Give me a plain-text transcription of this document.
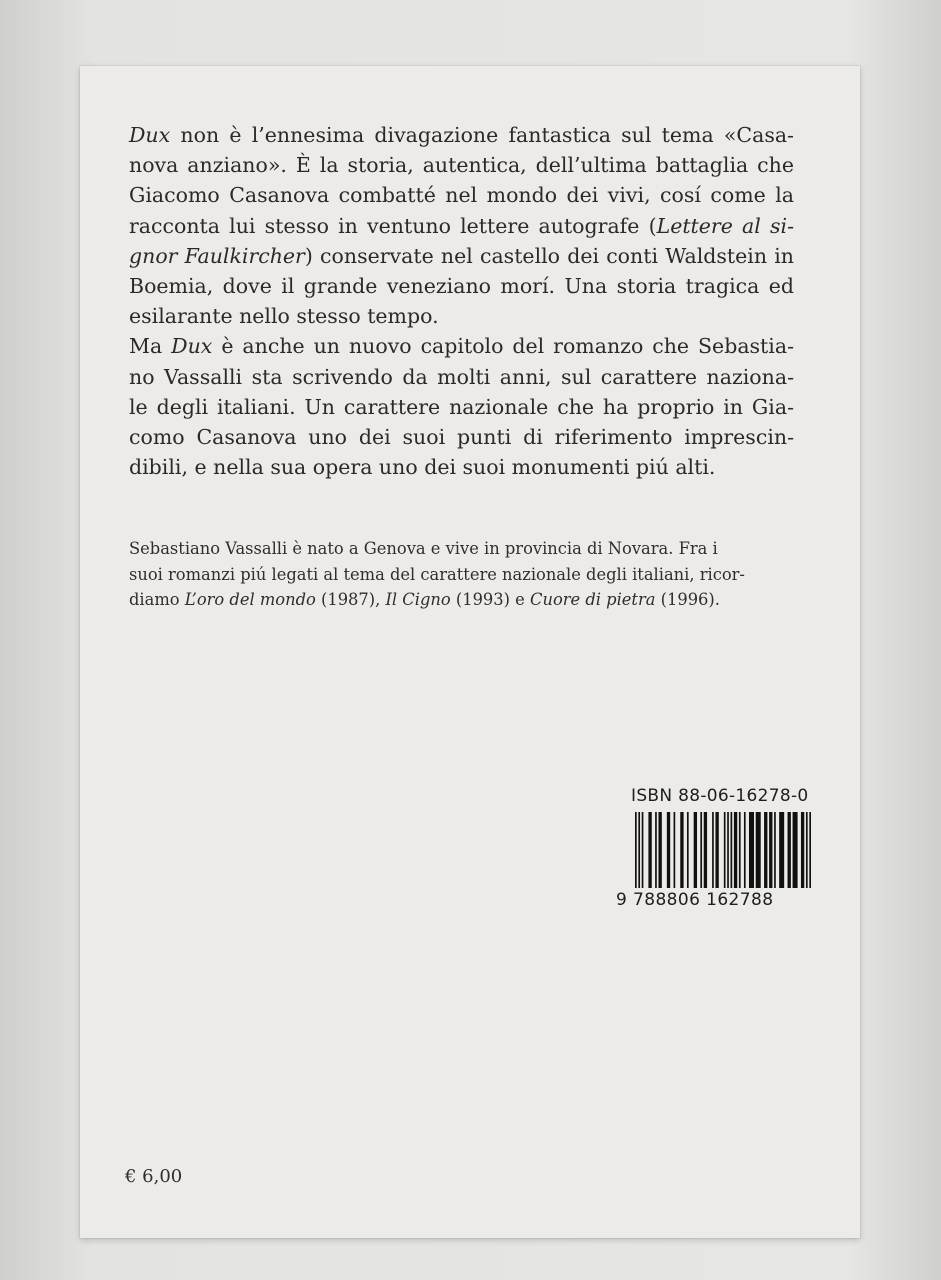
Dux non è l’ennesima divagazione fantastica sul tema «Casa-
nova anziano». È la storia, autentica, dell’ultima battaglia che
Giacomo Casanova combatté nel mondo dei vivi, cosí come la
racconta lui stesso in ventuno lettere autografe (Lettere al si-
gnor Faulkircher) conservate nel castello dei conti Waldstein in
Boemia, dove il grande veneziano morí. Una storia tragica ed
esilarante nello stesso tempo.
Ma Dux è anche un nuovo capitolo del romanzo che Sebastia-
no Vassalli sta scrivendo da molti anni, sul carattere naziona-
le degli italiani. Un carattere nazionale che ha proprio in Gia-
como Casanova uno dei suoi punti di riferimento imprescin-
dibili, e nella sua opera uno dei suoi monumenti piú alti.
Sebastiano Vassalli è nato a Genova e vive in provincia di Novara. Fra i
suoi romanzi piú legati al tema del carattere nazionale degli italiani, ricor-
diamo L’oro del mondo (1987), Il Cigno (1993) e Cuore di pietra (1996).
ISBN 88-06-16278-0
9 788806 162788
€ 6,00
